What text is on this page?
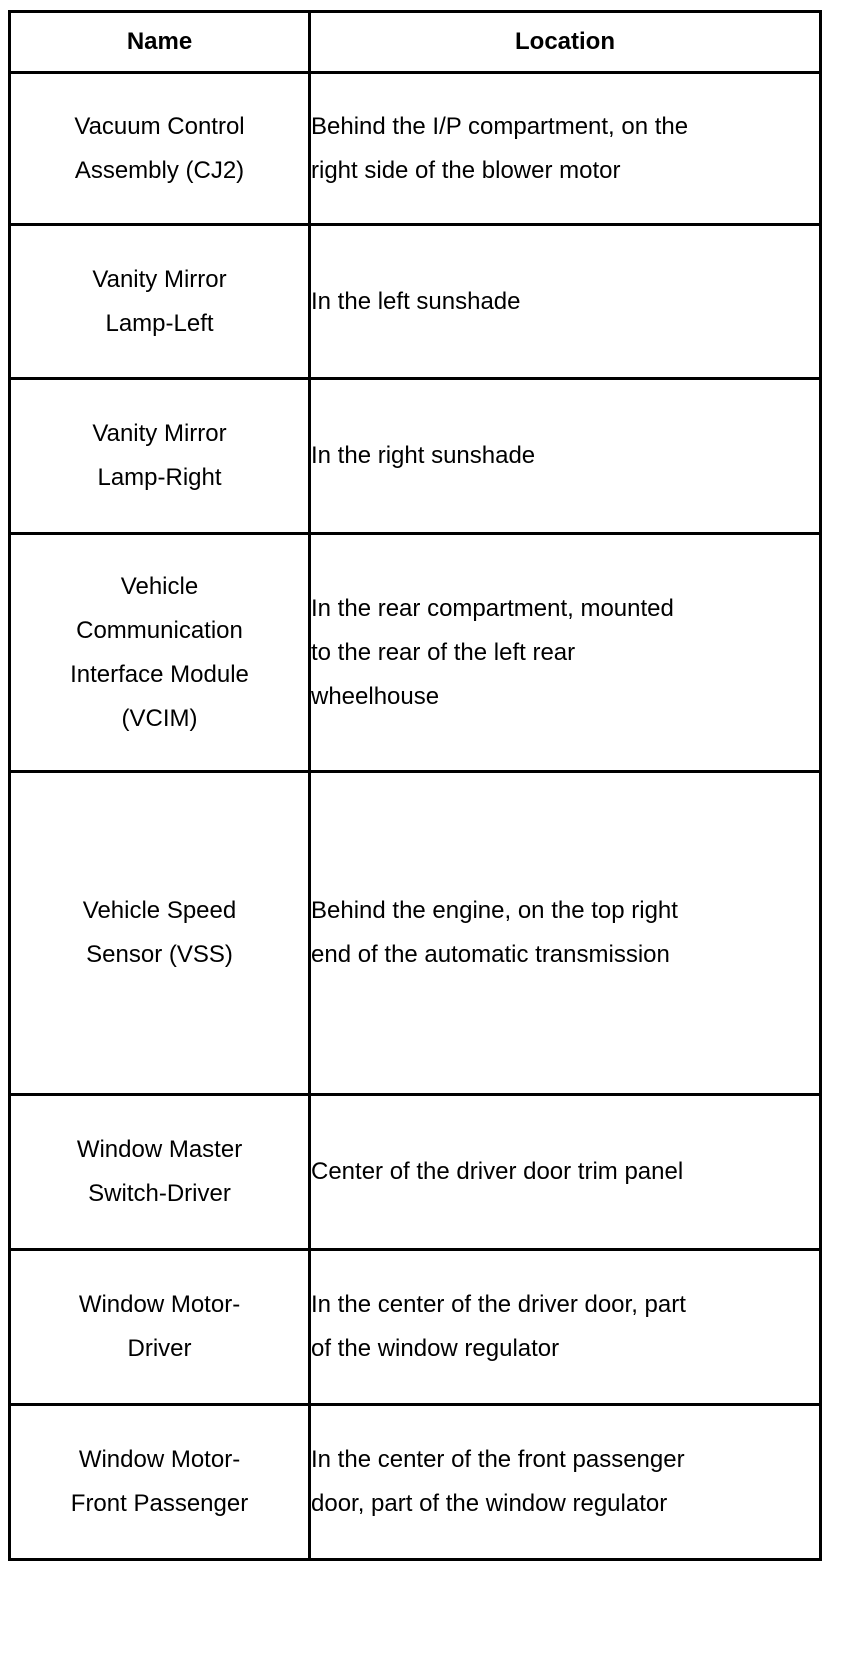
Name	Location

Vacuum Control
Assembly (CJ2)	Behind the I/P compartment, on the
right side of the blower motor

Vanity Mirror
Lamp-Left	In the left sunshade

Vanity Mirror
Lamp-Right	In the right sunshade

Vehicle
Communication
Interface Module
(VCIM)	In the rear compartment, mounted
to the rear of the left rear
wheelhouse

Vehicle Speed
Sensor (VSS)	Behind the engine, on the top right
end of the automatic transmission

Window Master
Switch-Driver	Center of the driver door trim panel

Window Motor-
Driver	In the center of the driver door, part
of the window regulator

Window Motor-
Front Passenger	In the center of the front passenger
door, part of the window regulator
